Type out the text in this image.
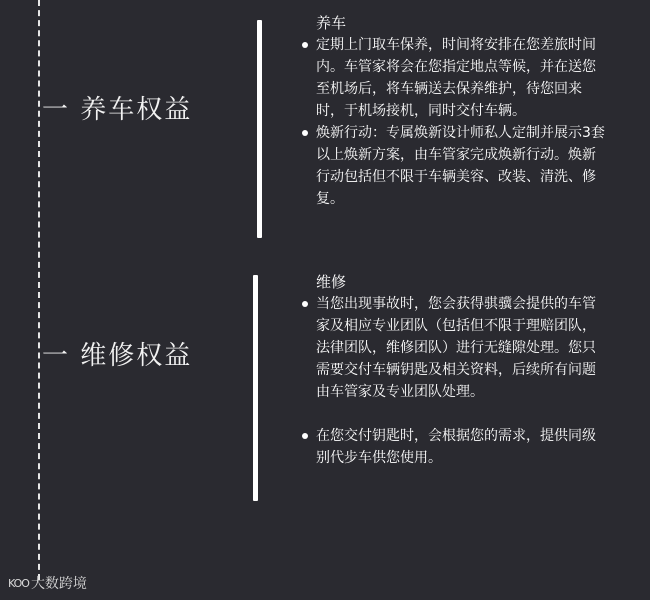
一 养车权益

养车

定期上门取车保养，时间将安排在您差旅时间内。车管家将会在您指定地点等候，并在送您至机场后，将车辆送去保养维护，待您回来时，于机场接机，同时交付车辆。
焕新行动：专属焕新设计师私人定制并展示3套以上焕新方案，由车管家完成焕新行动。焕新行动包括但不限于车辆美容、改装、清洗、修复。
一 维修权益

维修

当您出现事故时，您会获得骐骥会提供的车管家及相应专业团队（包括但不限于理赔团队，法律团队，维修团队）进行无缝隙处理。您只需要交付车辆钥匙及相关资料，后续所有问题由车管家及专业团队处理。
在您交付钥匙时，会根据您的需求，提供同级别代步车供您使用。
KOO 大数跨境
